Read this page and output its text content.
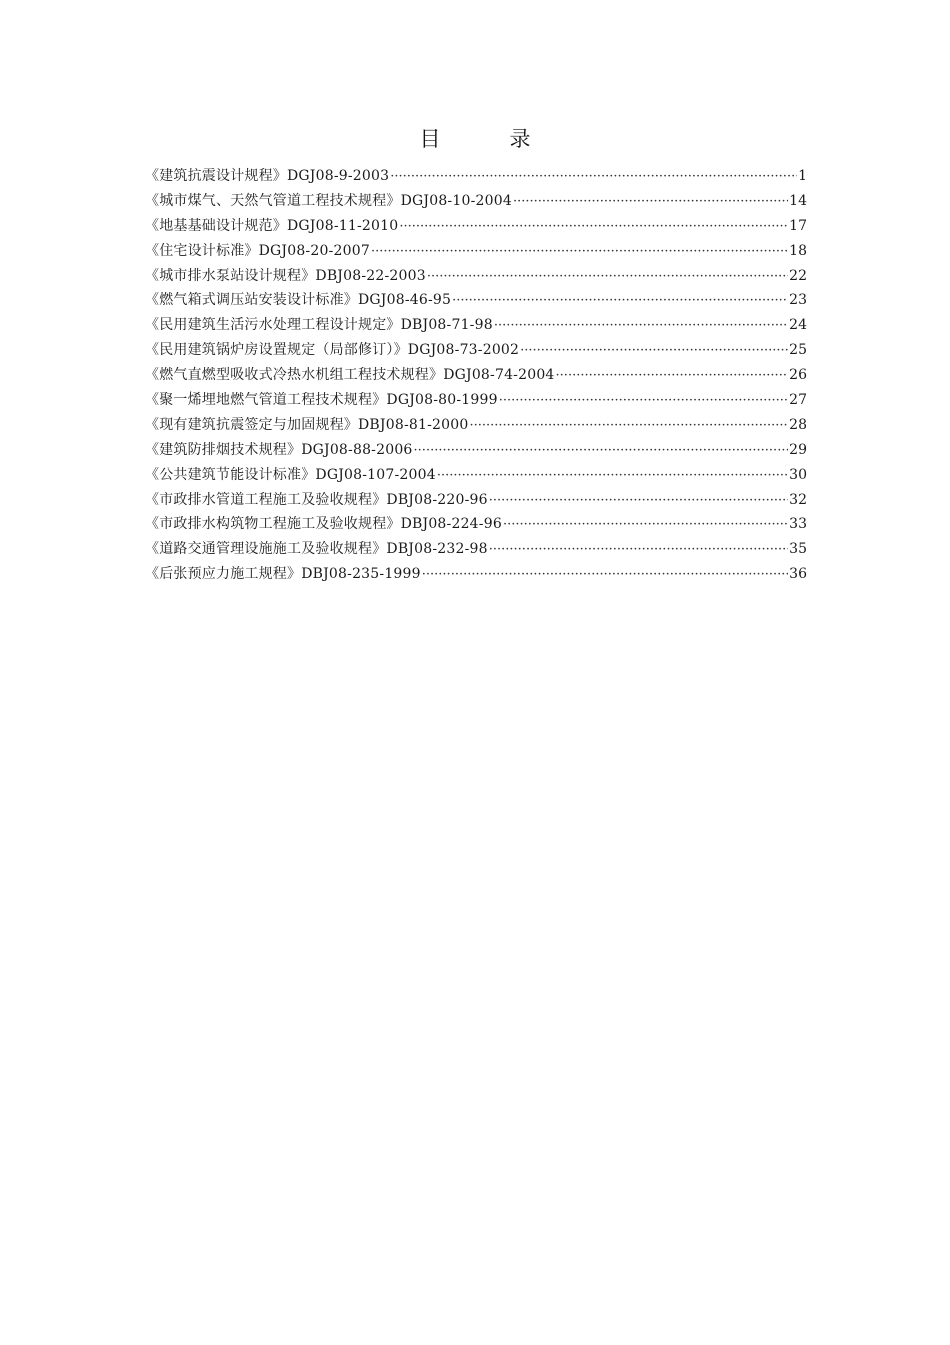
目　录
《建筑抗震设计规程》DGJ08-9-2003 ·····	1
《城市煤气、天然气管道工程技术规程》DGJ08-10-2004 ·····	14
《地基基础设计规范》DGJ08-11-2010 ·····	17
《住宅设计标准》DGJ08-20-2007 ·····	18
《城市排水泵站设计规程》DBJ08-22-2003 ·····	22
《燃气箱式调压站安装设计标准》DGJ08-46-95 ·····	23
《民用建筑生活污水处理工程设计规定》DBJ08-71-98 ·····	24
《民用建筑锅炉房设置规定（局部修订）》DGJ08-73-2002 ·····	25
《燃气直燃型吸收式冷热水机组工程技术规程》DGJ08-74-2004 ·····	26
《聚一烯埋地燃气管道工程技术规程》DGJ08-80-1999 ·····	27
《现有建筑抗震签定与加固规程》DBJ08-81-2000 ·····	28
《建筑防排烟技术规程》DGJ08-88-2006 ·····	29
《公共建筑节能设计标准》DGJ08-107-2004 ·····	30
《市政排水管道工程施工及验收规程》DBJ08-220-96 ·····	32
《市政排水构筑物工程施工及验收规程》DBJ08-224-96 ·····	33
《道路交通管理设施施工及验收规程》DBJ08-232-98 ·····	35
《后张预应力施工规程》DBJ08-235-1999 ·····	36
